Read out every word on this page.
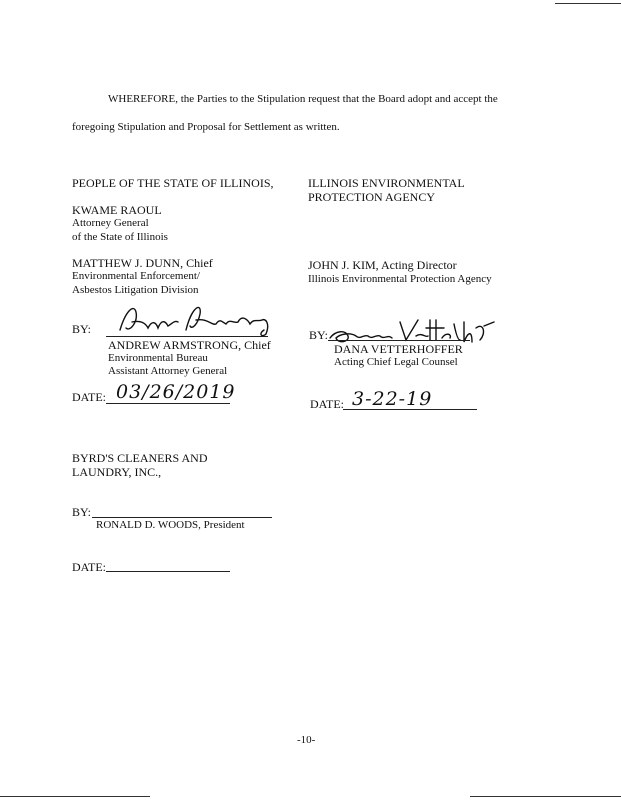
WHEREFORE, the Parties to the Stipulation request that the Board adopt and accept the
foregoing Stipulation and Proposal for Settlement as written.
PEOPLE OF THE STATE OF ILLINOIS,
KWAME RAOUL
Attorney General
of the State of Illinois
MATTHEW J. DUNN, Chief
Environmental Enforcement/
Asbestos Litigation Division
BY:
ANDREW ARMSTRONG, Chief
Environmental Bureau
Assistant Attorney General
DATE: 03/26/2019
ILLINOIS ENVIRONMENTAL
PROTECTION AGENCY
JOHN J. KIM, Acting Director
Illinois Environmental Protection Agency
BY:
DANA VETTERHOFFER
Acting Chief Legal Counsel
DATE: 3-22-19
BYRD'S CLEANERS AND
LAUNDRY, INC.,
BY:
RONALD D. WOODS, President
DATE:
-10-
